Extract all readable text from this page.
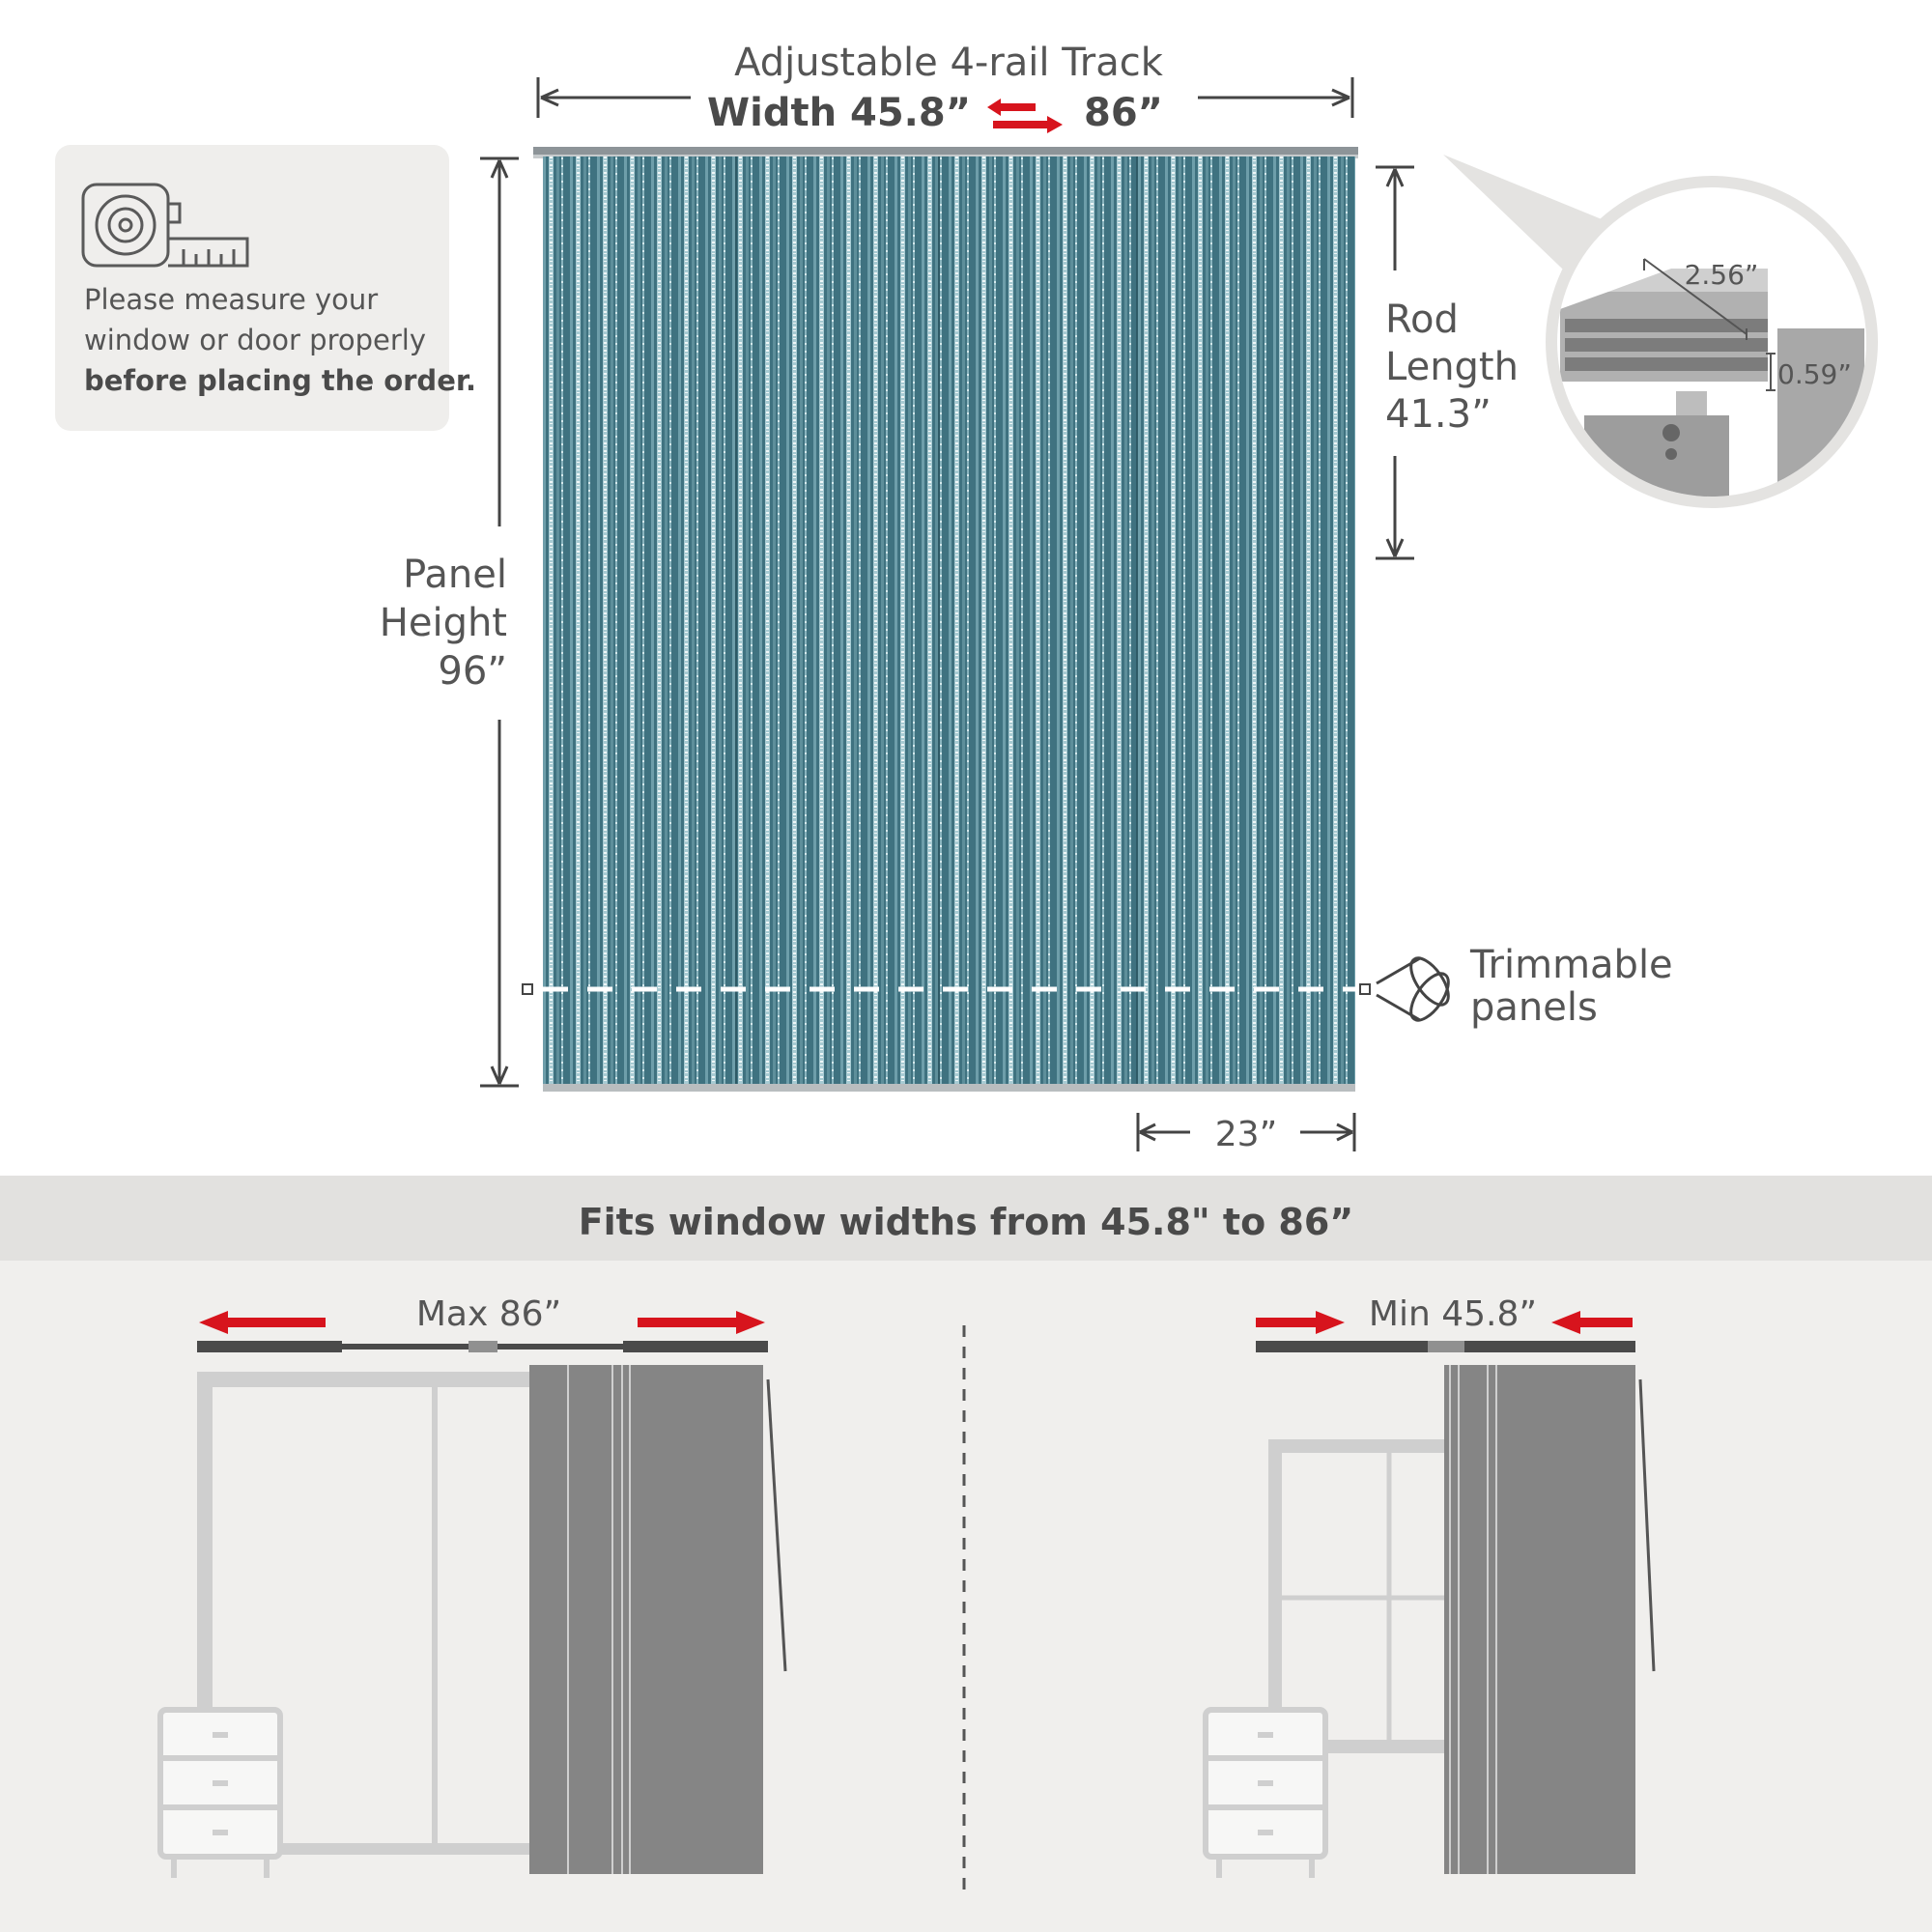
Adjustable 4-rail Track
Width 45.8”	86”
Panel
Height
96”
Trimmable
panels
23”
Rod
Length
41.3”
2.56”
0.59”
Please measure your
window or door properly
before placing the order.
Fits window widths from 45.8" to 86”
Max 86”	Min 45.8”
